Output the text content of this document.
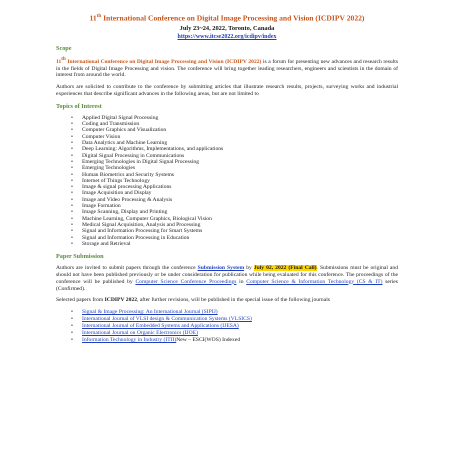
11th International Conference on Digital Image Processing and Vision (ICDIPV 2022)

July 23~24, 2022, Toronto, Canada
https://www.itcse2022.org/icdipv/index
Scope

11th International Conference on Digital Image Processing and Vision (ICDIPV 2022) is a forum for presenting new advances and research results in the fields of Digital Image Processing and vision. The conference will bring together leading researchers, engineers and scientists in the domain of interest from around the world.

Authors are solicited to contribute to the conference by submitting articles that illustrate research results, projects, surveying works and industrial experiences that describe significant advances in the following areas, but are not limited to

Topics of Interest
• Applied Digital Signal Processing
• Coding and Transmission
• Computer Graphics and Visualization
• Computer Vision
• Data Analytics and Machine Learning
• Deep Learning: Algorithms, Implementations, and applications
• Digital Signal Processing in Communications
• Emerging Technologies in Digital Signal Processing
• Emerging Technologies
• Human Biometrics and Security Systems
• Internet of Things Technology
• Image & signal processing Applications
• Image Acquisition and Display
• Image and Video Processing & Analysis
• Image Formation
• Image Scanning, Display and Printing
• Machine Learning, Computer Graphics, Biological Vision
• Medical Signal Acquisition, Analysis and Processing
• Signal and Information Processing for Smart Systems
• Signal and Information Processing in Education
• Storage and Retrieval
Paper Submission

Authors are invited to submit papers through the conference Submission System by July 02, 2022 (Final Call). Submissions must be original and should not have been published previously or be under consideration for publication while being evaluated for this conference. The proceedings of the conference will be published by Computer Science Conference Proceedings in Computer Science & Information Technology (CS & IT) series (Confirmed).

Selected papers from ICDIPV 2022, after further revisions, will be published in the special issue of the following journals

• Signal & Image Processing: An International Journal (SIPIJ)
• International Journal of VLSI design & Communication Systems (VLSICS)
• International Journal of Embedded Systems and Applications (IJESA)
• International Journal on Organic Electronics (IJOE)
• Information Technology in Industry (ITII)New – ESCI(WOS) Indexed
